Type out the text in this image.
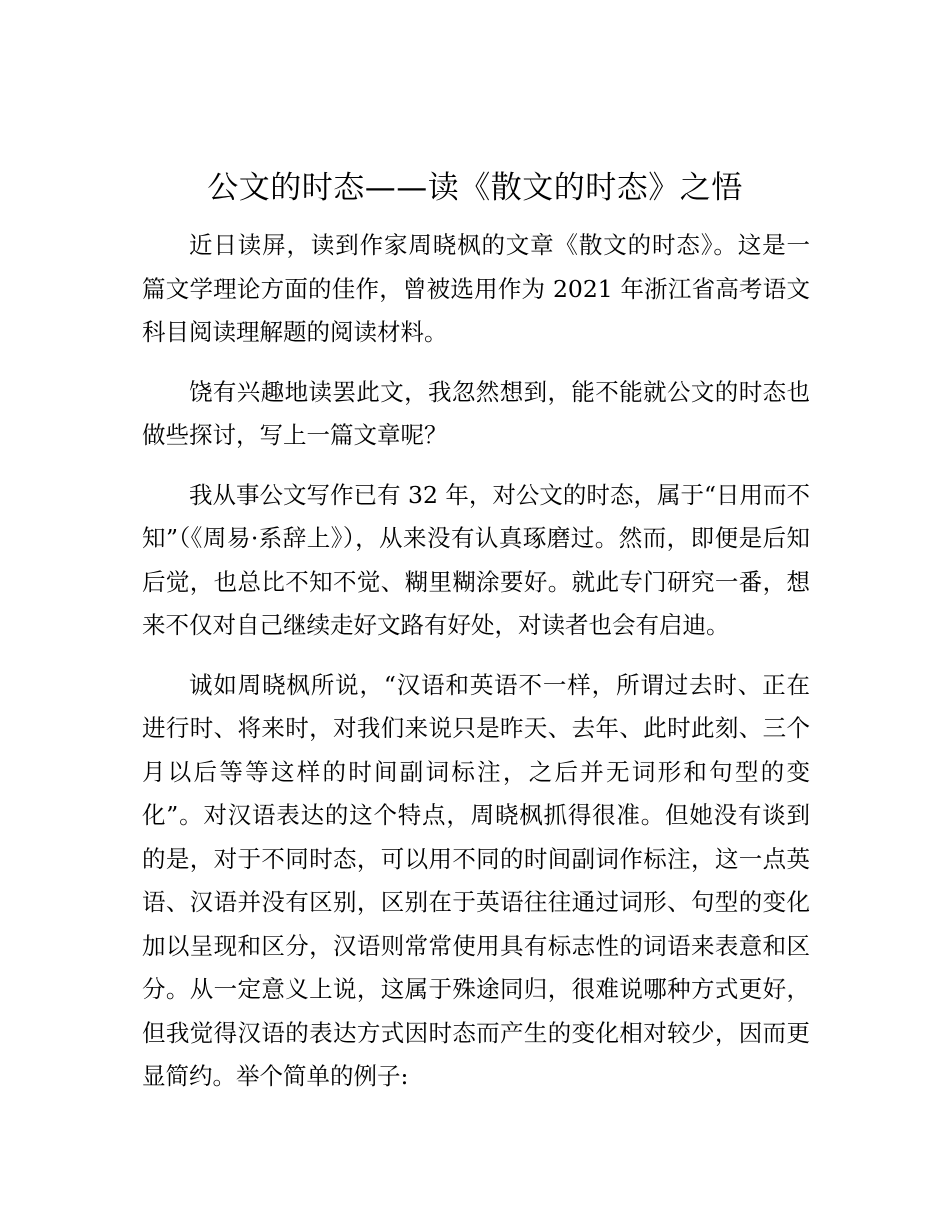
公文的时态——读《散文的时态》之悟

近日读屏，读到作家周晓枫的文章《散文的时态》。这是一篇文学理论方面的佳作，曾被选用作为 2021 年浙江省高考语文科目阅读理解题的阅读材料。

饶有兴趣地读罢此文，我忽然想到，能不能就公文的时态也做些探讨，写上一篇文章呢？

我从事公文写作已有 32 年，对公文的时态，属于“日用而不知”（《周易·系辞上》），从来没有认真琢磨过。然而，即便是后知后觉，也总比不知不觉、糊里糊涂要好。就此专门研究一番，想来不仅对自己继续走好文路有好处，对读者也会有启迪。

诚如周晓枫所说，“汉语和英语不一样，所谓过去时、正在进行时、将来时，对我们来说只是昨天、去年、此时此刻、三个月以后等等这样的时间副词标注，之后并无词形和句型的变化”。对汉语表达的这个特点，周晓枫抓得很准。但她没有谈到的是，对于不同时态，可以用不同的时间副词作标注，这一点英语、汉语并没有区别，区别在于英语往往通过词形、句型的变化加以呈现和区分，汉语则常常使用具有标志性的词语来表意和区分。从一定意义上说，这属于殊途同归，很难说哪种方式更好，但我觉得汉语的表达方式因时态而产生的变化相对较少，因而更显简约。举个简单的例子:
